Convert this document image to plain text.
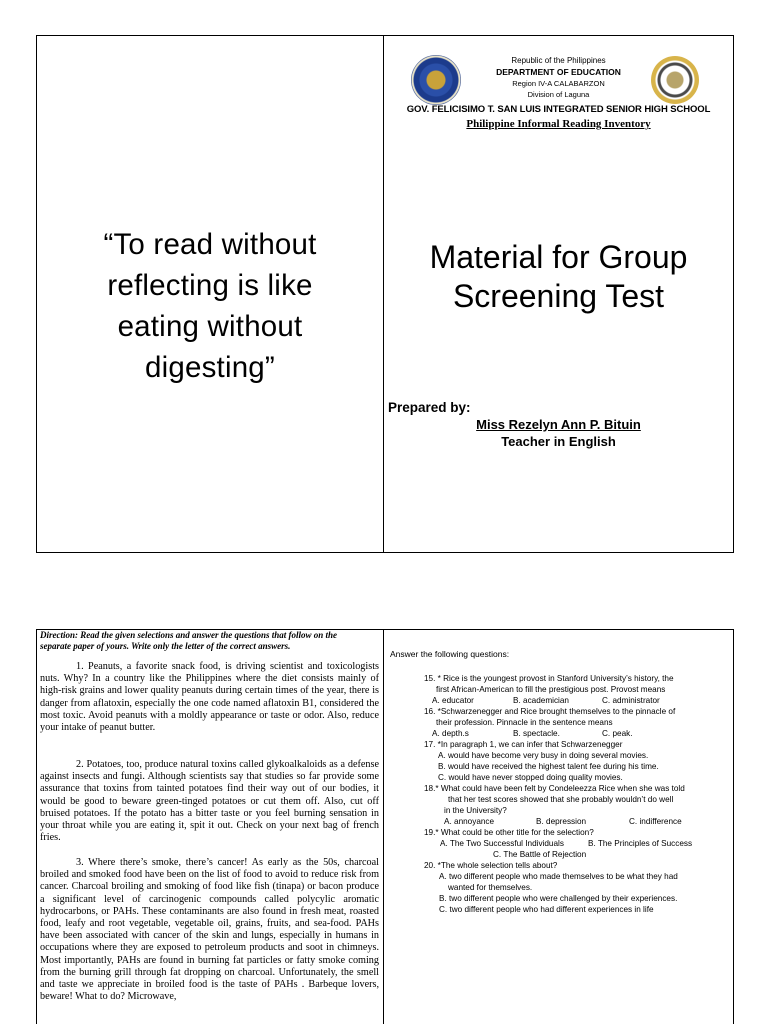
“To read without
reflecting is like
eating without
digesting”
Republic of the Philippines
DEPARTMENT OF EDUCATION
Region IV-A CALABARZON
Division of Laguna
GOV. FELICISIMO T. SAN LUIS INTEGRATED SENIOR HIGH SCHOOL
Philippine Informal Reading Inventory
Material for Group
Screening Test
Prepared by:
Miss Rezelyn Ann P. Bituin
Teacher in English
Direction: Read the given selections and answer the questions that follow on the separate paper of yours. Write only the letter of the correct answers.

1. Peanuts, a favorite snack food, is driving scientist and toxicologists nuts. Why? In a country like the Philippines where the diet consists mainly of high-risk grains and lower quality peanuts during certain times of the year, there is danger from aflatoxin, especially the one code named aflatoxin B1, considered the most toxic. Avoid peanuts with a moldly appearance or taste or odor. Also, reduce your intake of peanut butter.

2. Potatoes, too, produce natural toxins called glykoalkaloids as a defense against insects and fungi. Although scientists say that studies so far provide some assurance that toxins from tainted potatoes find their way out of our bodies, it would be good to beware green-tinged potatoes or cut them off. Also, cut off bruised potatoes. If the potato has a bitter taste or you feel burning sensation in your throat while you are eating it, spit it out. Check on your next bag of french fries.

3. Where there’s smoke, there’s cancer! As early as the 50s, charcoal broiled and smoked food have been on the list of food to avoid to reduce risk from cancer. Charcoal broiling and smoking of food like fish (tinapa) or bacon produce a significant level of carcinogenic compounds called polycylic aromatic hydrocarbons, or PAHs. These contaminants are also found in fresh meat, roasted food, leafy and root vegetable, vegetable oil, grains, fruits, and sea-food. PAHs have been associated with cancer of the skin and lungs, especially in humans in occupations where they are exposed to petroleum products and soot in chimneys. Most importantly, PAHs are found in burning fat particles or fatty smoke coming from the burning grill through fat dropping on charcoal. Unfortunately, the smell and taste we appreciate in broiled food is the taste of PAHs . Barbeque lovers, beware! What to do? Microwave,

Answer the following questions:
15. * Rice is the youngest provost in Stanford University’s history, the
first African-American to fill the prestigious post. Provost means
A. educator	B. academician	C. administrator
16. *Schwarzenegger and Rice brought themselves to the pinnacle of
their profession. Pinnacle in the sentence means
A. depth.s	B. spectacle.	C. peak.
17. *In paragraph 1, we can infer that Schwarzenegger
A. would have become very busy in doing several movies.
B. would have received the highest talent fee during his time.
C. would have never stopped doing quality movies.
18.* What could have been felt by Condeleezza Rice when she was told
that her test scores showed that she probably wouldn’t do well
in the University?
A. annoyance	B. depression	C. indifference
19.* What could be other title for the selection?
A. The Two Successful Individuals	B. The Principles of Success
C. The Battle of Rejection
20. *The whole selection tells about?
A. two different people who made themselves to be what they had
wanted for themselves.
B. two different people who were challenged by their experiences.
C. two different people who had different experiences in life
